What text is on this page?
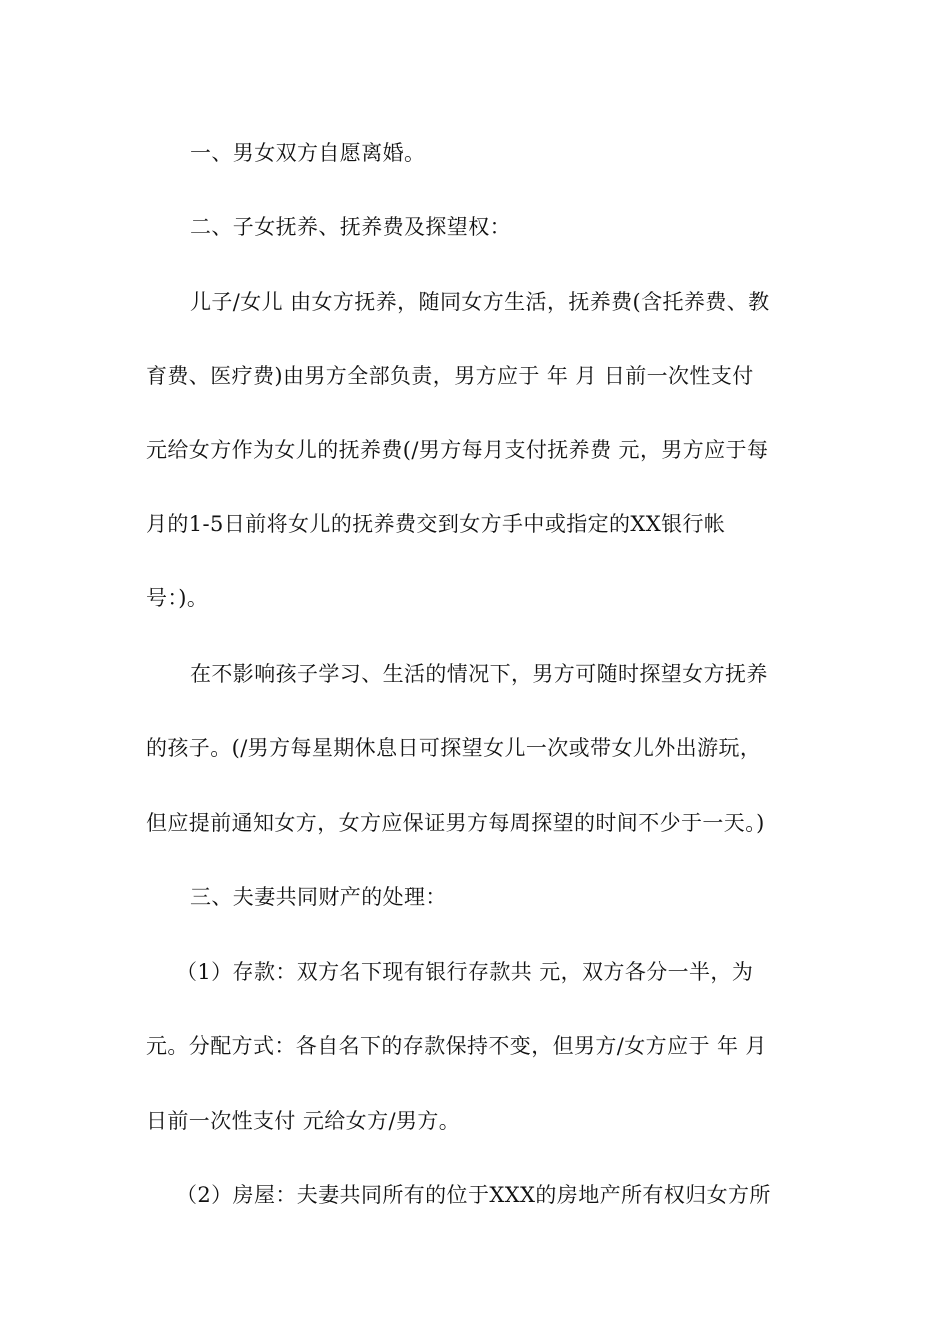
一、男女双方自愿离婚。
二、子女抚养、抚养费及探望权：
儿子/女儿 由女方抚养，随同女方生活，抚养费(含托养费、教
育费、医疗费)由男方全部负责，男方应于 年 月 日前一次性支付
元给女方作为女儿的抚养费(/男方每月支付抚养费 元，男方应于每
月的1-5日前将女儿的抚养费交到女方手中或指定的XX银行帐
号：)。
在不影响孩子学习、生活的情况下，男方可随时探望女方抚养
的孩子。(/男方每星期休息日可探望女儿一次或带女儿外出游玩，
但应提前通知女方，女方应保证男方每周探望的时间不少于一天。)
三、夫妻共同财产的处理：
（1）存款：双方名下现有银行存款共 元，双方各分一半，为
元。分配方式：各自名下的存款保持不变，但男方/女方应于 年 月
日前一次性支付 元给女方/男方。
（2）房屋：夫妻共同所有的位于XXX的房地产所有权归女方所
